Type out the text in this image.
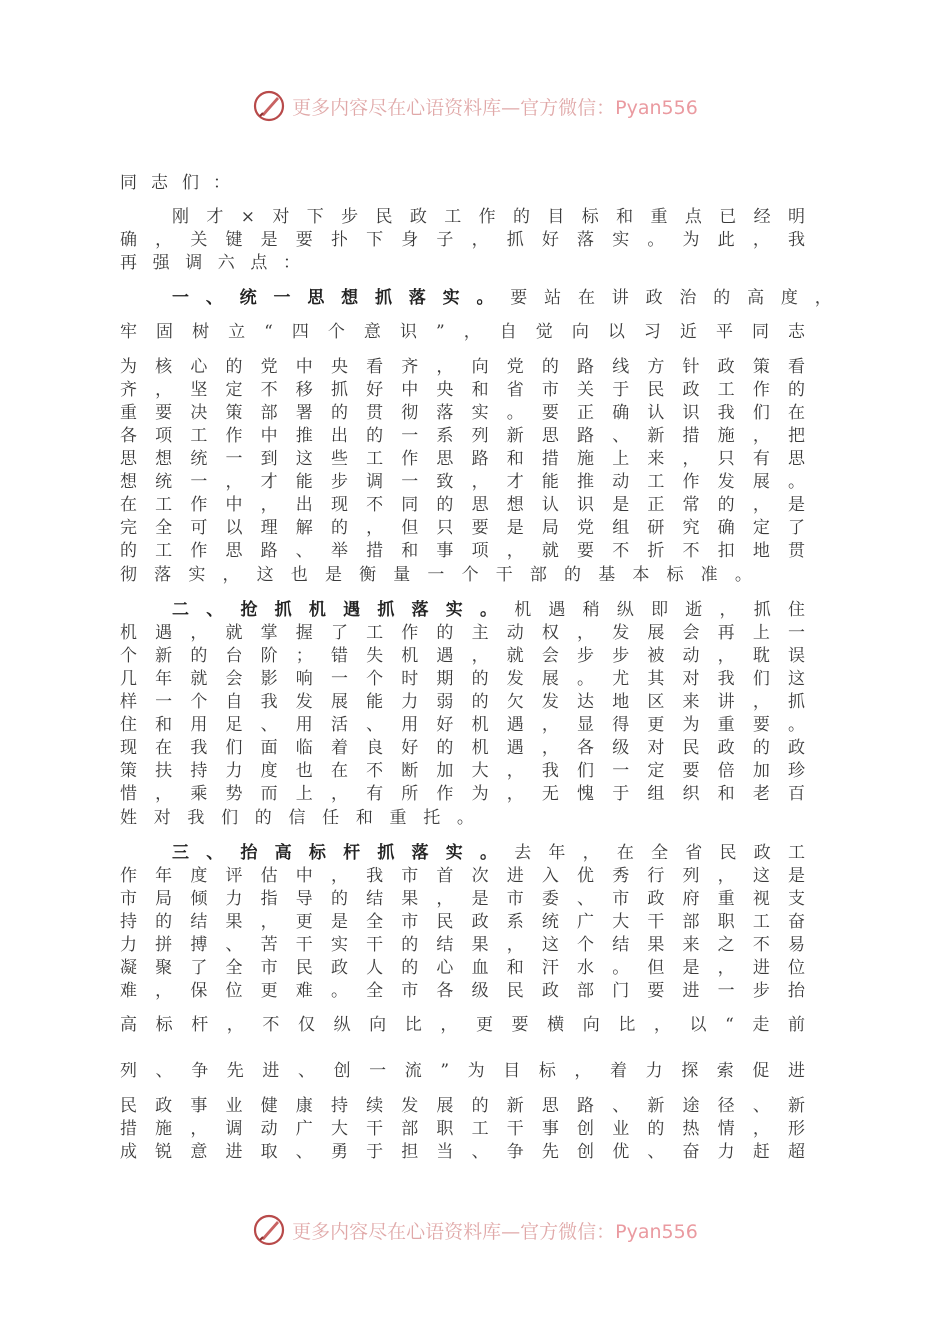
更多内容尽在心语资料库—官方微信：Pyan556
同 志 们 ：
刚 才 × 对 下 步 民 政 工 作 的 目 标 和 重 点 已 经 明
确 ， 关 键 是 要 扑 下 身 子 ， 抓 好 落 实 。 为 此 ， 我
再 强 调 六 点 ：
一 、 统 一 思 想 抓 落 实 。 要 站 在 讲 政 治 的 高 度 ，
牢 固 树 立 “ 四 个 意 识 ” ， 自 觉 向 以 习 近 平 同 志
为 核 心 的 党 中 央 看 齐 ， 向 党 的 路 线 方 针 政 策 看
齐 ， 坚 定 不 移 抓 好 中 央 和 省 市 关 于 民 政 工 作 的
重 要 决 策 部 署 的 贯 彻 落 实 。 要 正 确 认 识 我 们 在
各 项 工 作 中 推 出 的 一 系 列 新 思 路 、 新 措 施 ， 把
思 想 统 一 到 这 些 工 作 思 路 和 措 施 上 来 ， 只 有 思
想 统 一 ， 才 能 步 调 一 致 ， 才 能 推 动 工 作 发 展 。
在 工 作 中 ， 出 现 不 同 的 思 想 认 识 是 正 常 的 ， 是
完 全 可 以 理 解 的 ， 但 只 要 是 局 党 组 研 究 确 定 了
的 工 作 思 路 、 举 措 和 事 项 ， 就 要 不 折 不 扣 地 贯
彻 落 实 ， 这 也 是 衡 量 一 个 干 部 的 基 本 标 准 。
二 、 抢 抓 机 遇 抓 落 实 。 机 遇 稍 纵 即 逝 ， 抓 住
机 遇 ， 就 掌 握 了 工 作 的 主 动 权 ， 发 展 会 再 上 一
个 新 的 台 阶 ； 错 失 机 遇 ， 就 会 步 步 被 动 ， 耽 误
几 年 就 会 影 响 一 个 时 期 的 发 展 。 尤 其 对 我 们 这
样 一 个 自 我 发 展 能 力 弱 的 欠 发 达 地 区 来 讲 ， 抓
住 和 用 足 、 用 活 、 用 好 机 遇 ， 显 得 更 为 重 要 。
现 在 我 们 面 临 着 良 好 的 机 遇 ， 各 级 对 民 政 的 政
策 扶 持 力 度 也 在 不 断 加 大 ， 我 们 一 定 要 倍 加 珍
惜 ， 乘 势 而 上 ， 有 所 作 为 ， 无 愧 于 组 织 和 老 百
姓 对 我 们 的 信 任 和 重 托 。
三 、 抬 高 标 杆 抓 落 实 。 去 年 ， 在 全 省 民 政 工
作 年 度 评 估 中 ， 我 市 首 次 进 入 优 秀 行 列 ， 这 是
市 局 倾 力 指 导 的 结 果 ， 是 市 委 、 市 政 府 重 视 支
持 的 结 果 ， 更 是 全 市 民 政 系 统 广 大 干 部 职 工 奋
力 拼 搏 、 苦 干 实 干 的 结 果 ， 这 个 结 果 来 之 不 易
凝 聚 了 全 市 民 政 人 的 心 血 和 汗 水 。 但 是 ， 进 位
难 ， 保 位 更 难 。 全 市 各 级 民 政 部 门 要 进 一 步 抬
高 标 杆 ， 不 仅 纵 向 比 ， 更 要 横 向 比 ， 以 “ 走 前
列 、 争 先 进 、 创 一 流 ” 为 目 标 ， 着 力 探 索 促 进
民 政 事 业 健 康 持 续 发 展 的 新 思 路 、 新 途 径 、 新
措 施 ， 调 动 广 大 干 部 职 工 干 事 创 业 的 热 情 ， 形
成 锐 意 进 取 、 勇 于 担 当 、 争 先 创 优 、 奋 力 赶 超
更多内容尽在心语资料库—官方微信：Pyan556
